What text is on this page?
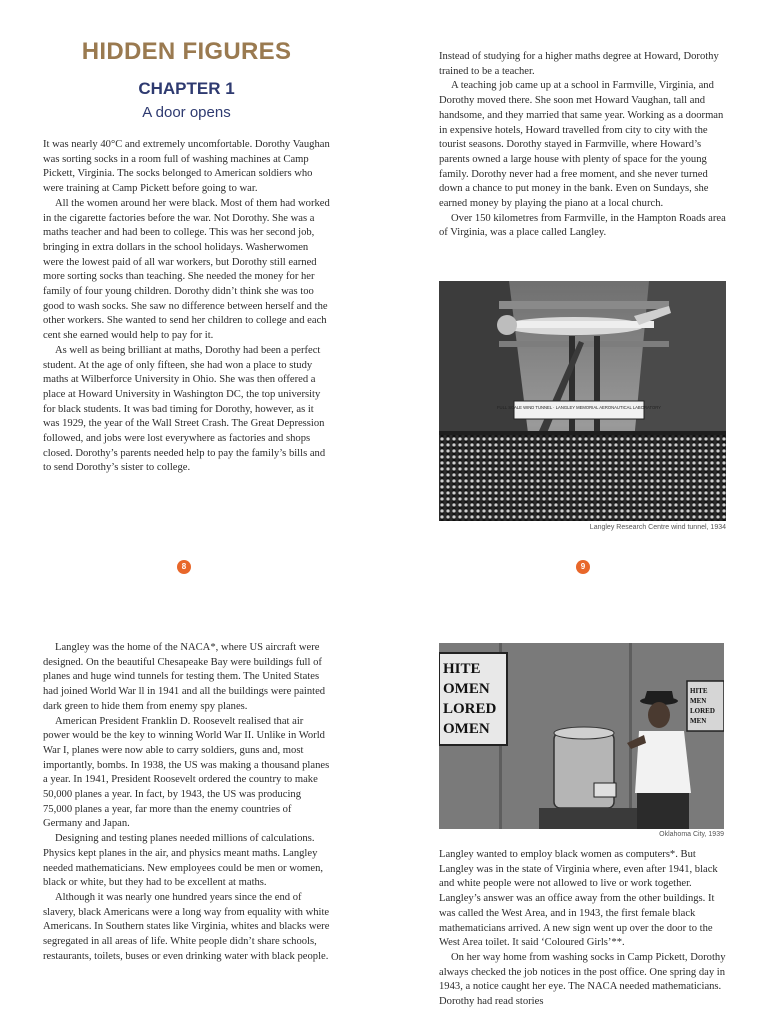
HIDDEN FIGURES
CHAPTER 1
A door opens

It was nearly 40°C and extremely uncomfortable. Dorothy Vaughan was sorting socks in a room full of washing machines at Camp Pickett, Virginia. The socks belonged to American soldiers who were training at Camp Pickett before going to war.

All the women around her were black. Most of them had worked in the cigarette factories before the war. Not Dorothy. She was a maths teacher and had been to college. This was her second job, bringing in extra dollars in the school holidays. Washerwomen were the lowest paid of all war workers, but Dorothy still earned more sorting socks than teaching. She needed the money for her family of four young children. Dorothy didn’t think she was too good to wash socks. She saw no difference between herself and the other workers. She wanted to send her children to college and each cent she earned would help to pay for it.

As well as being brilliant at maths, Dorothy had been a perfect student. At the age of only fifteen, she had won a place to study maths at Wilberforce University in Ohio. She was then offered a place at Howard University in Washington DC, the top university for black students. It was bad timing for Dorothy, however, as it was 1929, the year of the Wall Street Crash. The Great Depression followed, and jobs were lost everywhere as factories and shops closed. Dorothy’s parents needed help to pay the family’s bills and to send Dorothy’s sister to college.

8

Instead of studying for a higher maths degree at Howard, Dorothy trained to be a teacher.

A teaching job came up at a school in Farmville, Virginia, and Dorothy moved there. She soon met Howard Vaughan, tall and handsome, and they married that same year. Working as a doorman in expensive hotels, Howard travelled from city to city with the tourist seasons. Dorothy stayed in Farmville, where Howard’s parents owned a large house with plenty of space for the young family. Dorothy never had a free moment, and she never turned down a chance to put money in the bank. Even on Sundays, she earned money by playing the piano at a local church.

Over 150 kilometres from Farmville, in the Hampton Roads area of Virginia, was a place called Langley.

FULL SCALE WIND TUNNEL · LANGLEY MEMORIAL AERONAUTICAL LABORATORY
Langley Research Centre wind tunnel, 1934
9

Langley was the home of the NACA*, where US aircraft were designed. On the beautiful Chesapeake Bay were buildings full of planes and huge wind tunnels for testing them. The United States had joined World War ll in 1941 and all the buildings were painted dark green to hide them from enemy spy planes.

American President Franklin D. Roosevelt realised that air power would be the key to winning World War II. Unlike in World War I, planes were now able to carry soldiers, guns and, most importantly, bombs. In 1938, the US was making a thousand planes a year. In 1941, President Roosevelt ordered the country to make 50,000 planes a year. In fact, by 1943, the US was producing 75,000 planes a year, far more than the enemy countries of Germany and Japan.

Designing and testing planes needed millions of calculations. Physics kept planes in the air, and physics meant maths. Langley needed mathematicians. New employees could be men or women, black or white, but they had to be excellent at maths.

Although it was nearly one hundred years since the end of slavery, black Americans were a long way from equality with white Americans. In Southern states like Virginia, whites and blacks were segregated in all areas of life. White people didn’t share schools, restaurants, toilets, buses or even drinking water with black people.

HITE
OMEN
LORED
OMEN
HITE
MEN
LORED
MEN
Oklahoma City, 1939

Langley wanted to employ black women as computers*. But Langley was in the state of Virginia where, even after 1941, black and white people were not allowed to live or work together. Langley’s answer was an office away from the other buildings. It was called the West Area, and in 1943, the first female black mathematicians arrived. A new sign went up over the door to the West Area toilet. It said ‘Coloured Girls’**.

On her way home from washing socks in Camp Pickett, Dorothy always checked the job notices in the post office. One spring day in 1943, a notice caught her eye. The NACA needed mathematicians. Dorothy had read stories
